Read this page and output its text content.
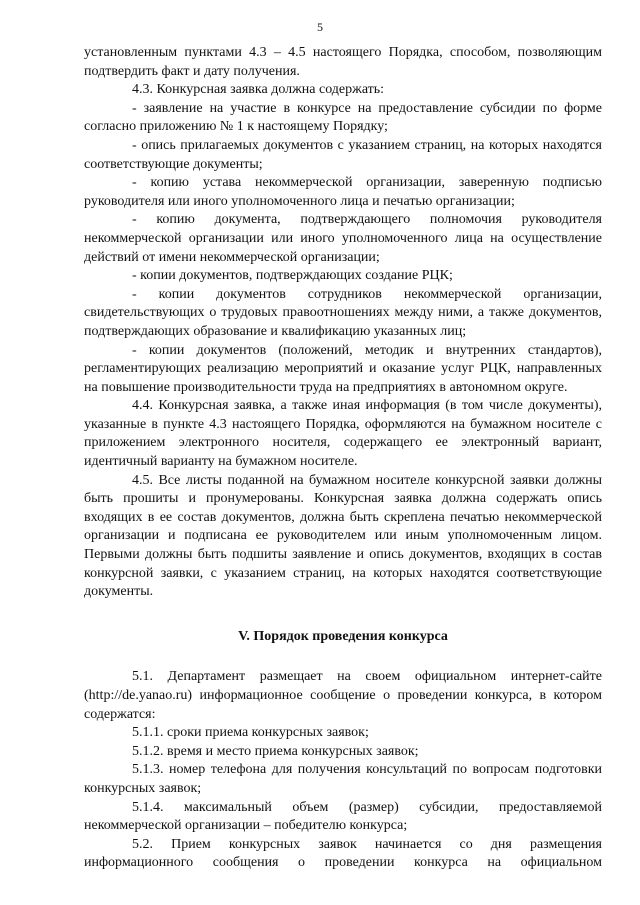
5

установленным пунктами 4.3 – 4.5 настоящего Порядка, способом, позволяющим подтвердить факт и дату получения.

4.3. Конкурсная заявка должна содержать:

- заявление на участие в конкурсе на предоставление субсидии по форме согласно приложению № 1 к настоящему Порядку;

- опись прилагаемых документов с указанием страниц, на которых находятся соответствующие документы;

- копию устава некоммерческой организации, заверенную подписью руководителя или иного уполномоченного лица и печатью организации;

- копию документа, подтверждающего полномочия руководителя некоммерческой организации или иного уполномоченного лица на осуществление действий от имени некоммерческой организации;

- копии документов, подтверждающих создание РЦК;

- копии документов сотрудников некоммерческой организации, свидетельствующих о трудовых правоотношениях между ними, а также документов, подтверждающих образование и квалификацию указанных лиц;

- копии документов (положений, методик и внутренних стандартов), регламентирующих реализацию мероприятий и оказание услуг РЦК, направленных на повышение производительности труда на предприятиях в автономном округе.

4.4. Конкурсная заявка, а также иная информация (в том числе документы), указанные в пункте 4.3 настоящего Порядка, оформляются на бумажном носителе с приложением электронного носителя, содержащего ее электронный вариант, идентичный варианту на бумажном носителе.

4.5. Все листы поданной на бумажном носителе конкурсной заявки должны быть прошиты и пронумерованы. Конкурсная заявка должна содержать опись входящих в ее состав документов, должна быть скреплена печатью некоммерческой организации и подписана ее руководителем или иным уполномоченным лицом. Первыми должны быть подшиты заявление и опись документов, входящих в состав конкурсной заявки, с указанием страниц, на которых находятся соответствующие документы.

V. Порядок проведения конкурса

5.1. Департамент размещает на своем официальном интернет-сайте (http://de.yanao.ru) информационное сообщение о проведении конкурса, в котором содержатся:

5.1.1. сроки приема конкурсных заявок;

5.1.2. время и место приема конкурсных заявок;

5.1.3. номер телефона для получения консультаций по вопросам подготовки конкурсных заявок;

5.1.4. максимальный объем (размер) субсидии, предоставляемой некоммерческой организации – победителю конкурса;

5.2. Прием конкурсных заявок начинается со дня размещения информационного сообщения о проведении конкурса на официальном
